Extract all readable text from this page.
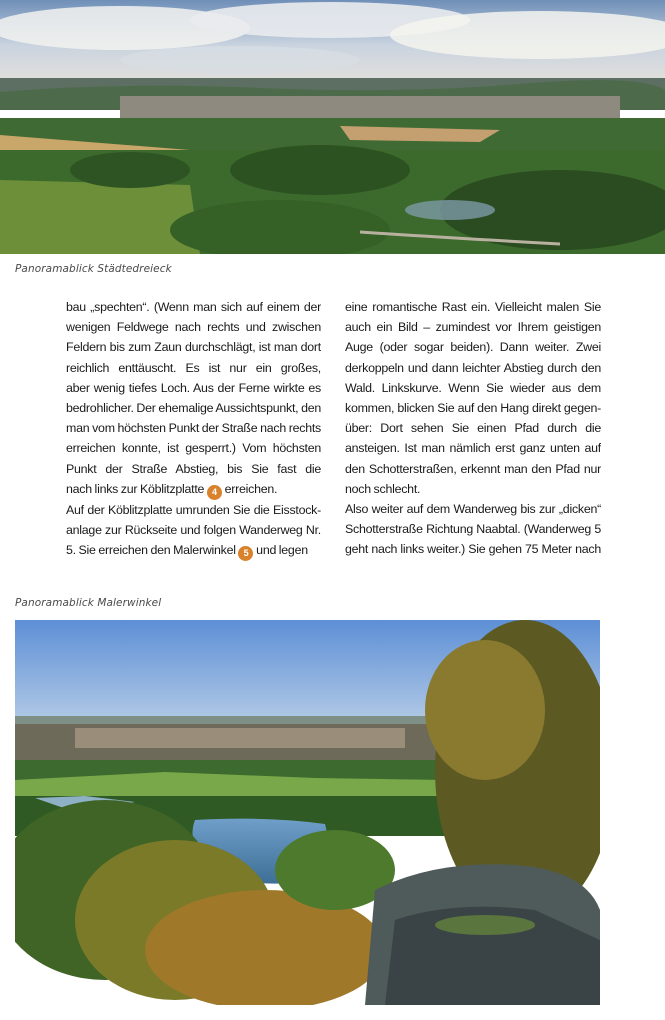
Panoramablick Städtedreieck
bau „spechten“. (Wenn man sich auf einem der
wenigen Feldwege nach rechts und zwischen
Feldern bis zum Zaun durchschlägt, ist man dort
reichlich enttäuscht. Es ist nur ein großes,
aber wenig tiefes Loch. Aus der Ferne wirkte es
bedrohlicher. Der ehemalige Aussichtspunkt, den
man vom höchsten Punkt der Straße nach rechts
erreichen konnte, ist gesperrt.) Vom höchsten
Punkt der Straße Abstieg, bis Sie fast die
nach links zur Köblitzplatte 4 erreichen.
Auf der Köblitzplatte umrunden Sie die Eisstock-
anlage zur Rückseite und folgen Wanderweg Nr.
5. Sie erreichen den Malerwinkel 5 und legen
eine romantische Rast ein. Vielleicht malen Sie
auch ein Bild – zumindest vor Ihrem geistigen
Auge (oder sogar beiden). Dann weiter. Zwei
derkoppeln und dann leichter Abstieg durch den
Wald. Linkskurve. Wenn Sie wieder aus dem
kommen, blicken Sie auf den Hang direkt gegen-
über: Dort sehen Sie einen Pfad durch die
ansteigen. Ist man nämlich erst ganz unten auf
den Schotterstraßen, erkennt man den Pfad nur
noch schlecht.
Also weiter auf dem Wanderweg bis zur „dicken“
Schotterstraße Richtung Naabtal. (Wanderweg 5
geht nach links weiter.) Sie gehen 75 Meter nach
Panoramablick Malerwinkel
